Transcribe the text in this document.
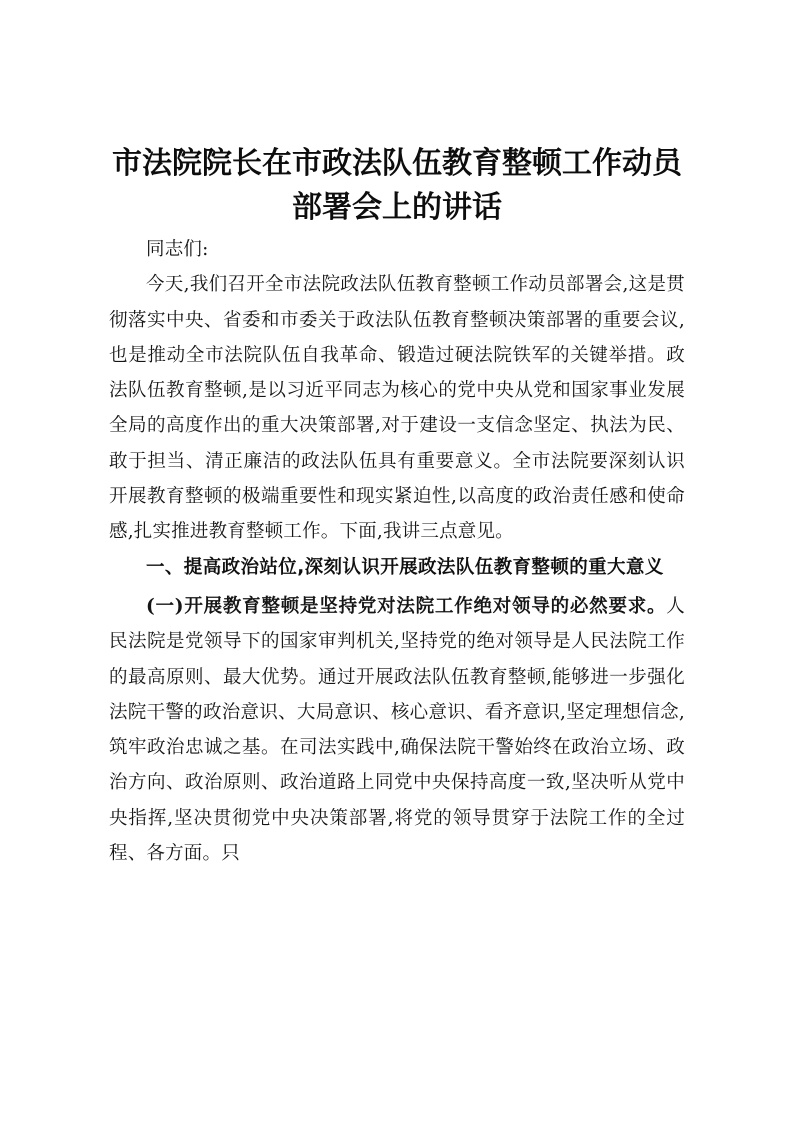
市法院院长在市政法队伍教育整顿工作动员部署会上的讲话

同志们:

今天,我们召开全市法院政法队伍教育整顿工作动员部署会,这是贯彻落实中央、省委和市委关于政法队伍教育整顿决策部署的重要会议,也是推动全市法院队伍自我革命、锻造过硬法院铁军的关键举措。政法队伍教育整顿,是以习近平同志为核心的党中央从党和国家事业发展全局的高度作出的重大决策部署,对于建设一支信念坚定、执法为民、敢于担当、清正廉洁的政法队伍具有重要意义。全市法院要深刻认识开展教育整顿的极端重要性和现实紧迫性,以高度的政治责任感和使命感,扎实推进教育整顿工作。下面,我讲三点意见。

一、提高政治站位,深刻认识开展政法队伍教育整顿的重大意义

(一)开展教育整顿是坚持党对法院工作绝对领导的必然要求。人民法院是党领导下的国家审判机关,坚持党的绝对领导是人民法院工作的最高原则、最大优势。通过开展政法队伍教育整顿,能够进一步强化法院干警的政治意识、大局意识、核心意识、看齐意识,坚定理想信念,筑牢政治忠诚之基。在司法实践中,确保法院干警始终在政治立场、政治方向、政治原则、政治道路上同党中央保持高度一致,坚决听从党中央指挥,坚决贯彻党中央决策部署,将党的领导贯穿于法院工作的全过程、各方面。只
